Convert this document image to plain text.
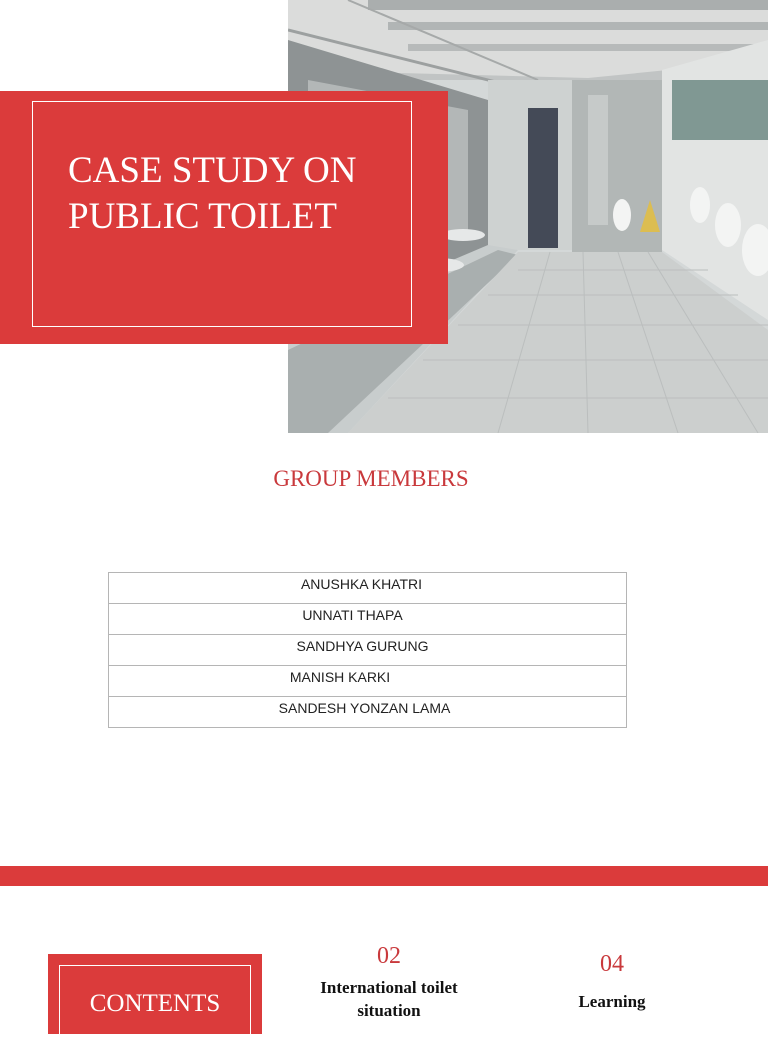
CASE STUDY ON PUBLIC TOILET
GROUP MEMBERS
ANUSHKA KHATRI
UNNATI THAPA
SANDHYA GURUNG
MANISH KARKI
SANDESH YONZAN LAMA
CONTENTS
02
International toilet situation
04
Learning
